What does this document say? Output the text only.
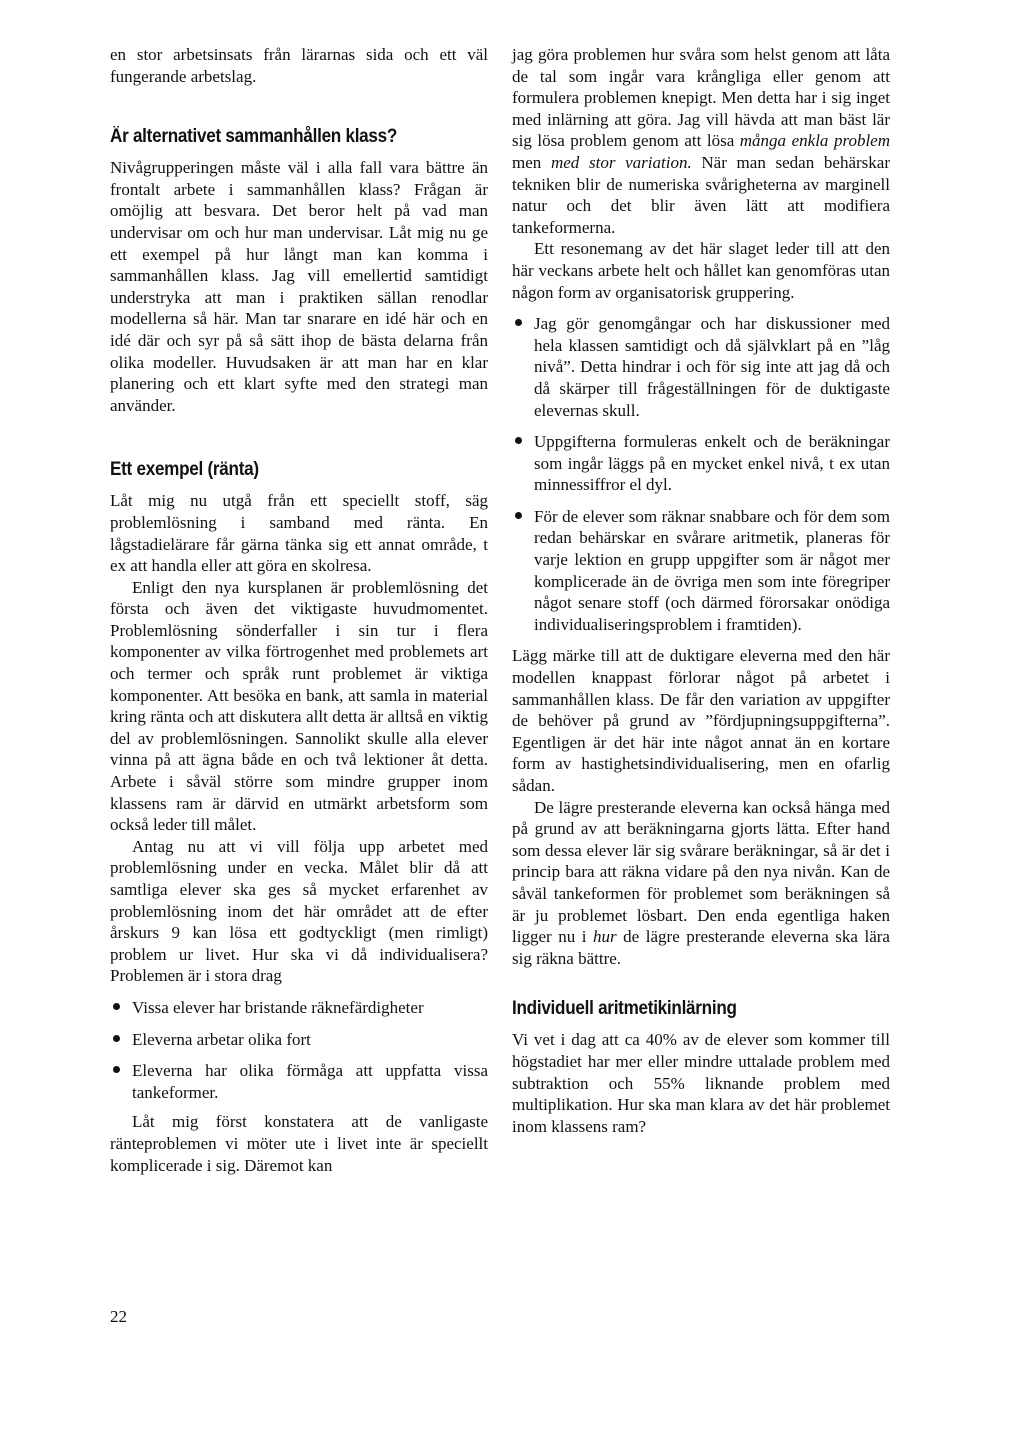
en stor arbetsinsats från lärarnas sida och ett väl fungerande arbetslag.

Är alternativet sammanhållen klass?

Nivågrupperingen måste väl i alla fall vara bättre än frontalt arbete i sammanhållen klass? Frågan är omöjlig att besvara. Det beror helt på vad man undervisar om och hur man undervisar. Låt mig nu ge ett exempel på hur långt man kan komma i sammanhållen klass. Jag vill emellertid samtidigt understryka att man i praktiken sällan renodlar modellerna så här. Man tar snarare en idé här och en idé där och syr på så sätt ihop de bästa delarna från olika modeller. Huvudsaken är att man har en klar planering och ett klart syfte med den strategi man använder.

Ett exempel (ränta)

Låt mig nu utgå från ett speciellt stoff, säg problemlösning i samband med ränta. En lågstadielärare får gärna tänka sig ett annat område, t ex att handla eller att göra en skolresa.

Enligt den nya kursplanen är problemlösning det första och även det viktigaste huvudmomentet. Problemlösning sönderfaller i sin tur i flera komponenter av vilka förtrogenhet med problemets art och termer och språk runt problemet är viktiga komponenter. Att besöka en bank, att samla in material kring ränta och att diskutera allt detta är alltså en viktig del av problemlösningen. Sannolikt skulle alla elever vinna på att ägna både en och två lektioner åt detta. Arbete i såväl större som mindre grupper inom klassens ram är därvid en utmärkt arbetsform som också leder till målet.

Antag nu att vi vill följa upp arbetet med problemlösning under en vecka. Målet blir då att samtliga elever ska ges så mycket erfarenhet av problemlösning inom det här området att de efter årskurs 9 kan lösa ett godtyckligt (men rimligt) problem ur livet. Hur ska vi då individualisera? Problemen är i stora drag

Vissa elever har bristande räknefärdigheter
Eleverna arbetar olika fort
Eleverna har olika förmåga att uppfatta vissa tankeformer.

Låt mig först konstatera att de vanligaste ränteproblemen vi möter ute i livet inte är speciellt komplicerade i sig. Däremot kan

jag göra problemen hur svåra som helst genom att låta de tal som ingår vara krångliga eller genom att formulera problemen knepigt. Men detta har i sig inget med inlärning att göra. Jag vill hävda att man bäst lär sig lösa problem genom att lösa många enkla problem men med stor variation. När man sedan behärskar tekniken blir de numeriska svårigheterna av marginell natur och det blir även lätt att modifiera tankeformerna.

Ett resonemang av det här slaget leder till att den här veckans arbete helt och hållet kan genomföras utan någon form av organisatorisk gruppering.

Jag gör genomgångar och har diskussioner med hela klassen samtidigt och då självklart på en ”låg nivå”. Detta hindrar i och för sig inte att jag då och då skärper till frågeställningen för de duktigaste elevernas skull.
Uppgifterna formuleras enkelt och de beräkningar som ingår läggs på en mycket enkel nivå, t ex utan minnessiffror el dyl.
För de elever som räknar snabbare och för dem som redan behärskar en svårare aritmetik, planeras för varje lektion en grupp uppgifter som är något mer komplicerade än de övriga men som inte föregriper något senare stoff (och därmed förorsakar onödiga individualiseringsproblem i framtiden).

Lägg märke till att de duktigare eleverna med den här modellen knappast förlorar något på arbetet i sammanhållen klass. De får den variation av uppgifter de behöver på grund av ”fördjupningsuppgifterna”. Egentligen är det här inte något annat än en kortare form av hastighetsindividualisering, men en ofarlig sådan.

De lägre presterande eleverna kan också hänga med på grund av att beräkningarna gjorts lätta. Efter hand som dessa elever lär sig svårare beräkningar, så är det i princip bara att räkna vidare på den nya nivån. Kan de såväl tankeformen för problemet som beräkningen så är ju problemet lösbart. Den enda egentliga haken ligger nu i hur de lägre presterande eleverna ska lära sig räkna bättre.

Individuell aritmetikinlärning

Vi vet i dag att ca 40% av de elever som kommer till högstadiet har mer eller mindre uttalade problem med subtraktion och 55% liknande problem med multiplikation. Hur ska man klara av det här problemet inom klassens ram?

22
